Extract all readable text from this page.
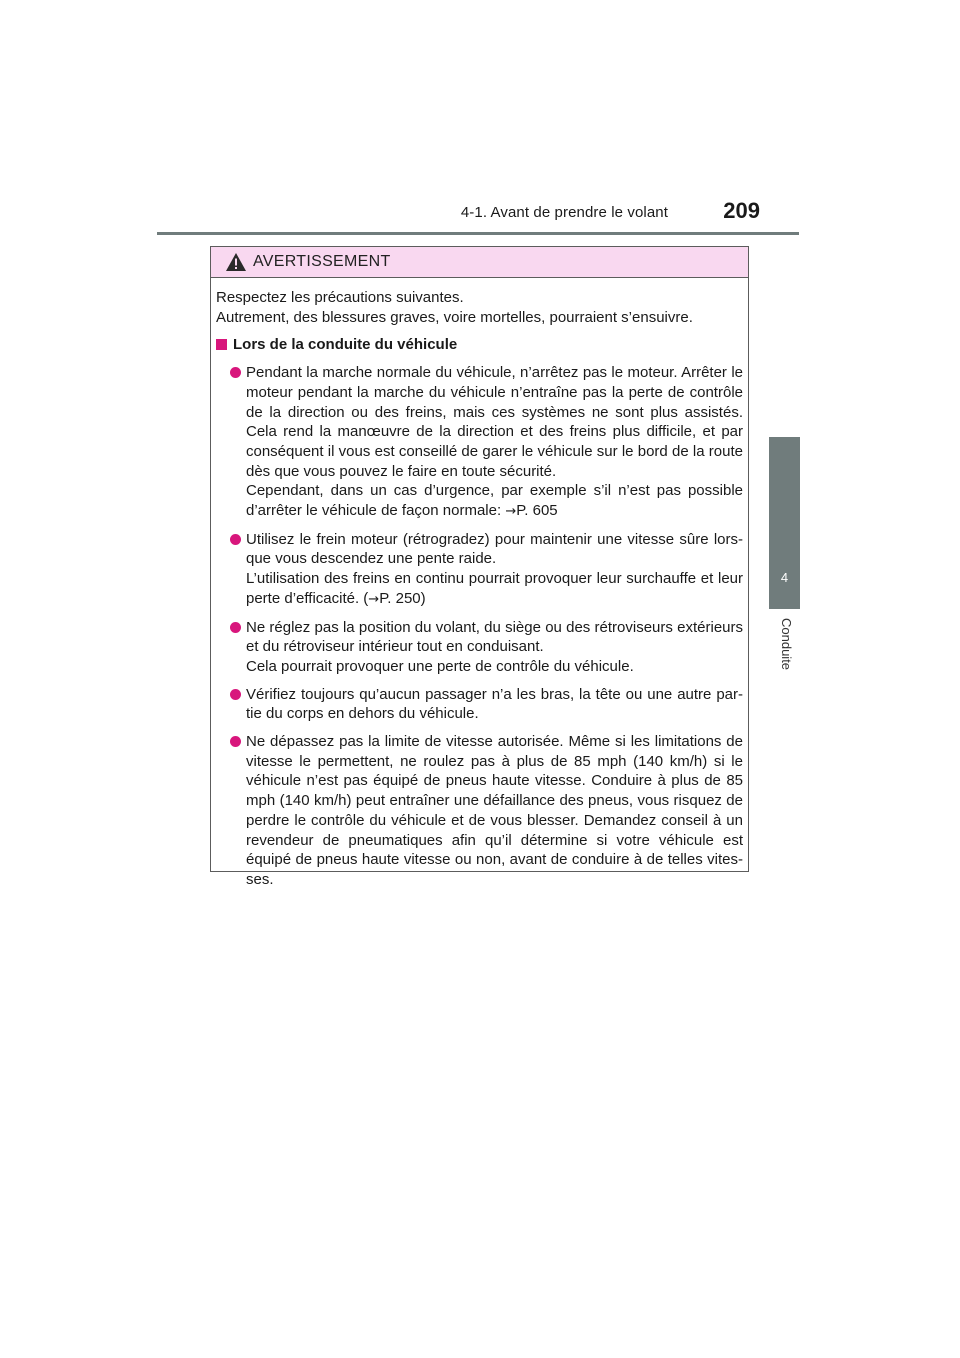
4-1. Avant de prendre le volant	209
4
Conduite
AVERTISSEMENT

Respectez les précautions suivantes.

Autrement, des blessures graves, voire mortelles, pourraient s’ensuivre.

Lors de la conduite du véhicule

Pendant la marche normale du véhicule, n’arrêtez pas le moteur. Arrêter le moteur pendant la marche du véhicule n’entraîne pas la perte de contrôle de la direction ou des freins, mais ces systèmes ne sont plus assistés. Cela rend la manœuvre de la direction et des freins plus difficile, et par conséquent il vous est conseillé de garer le véhicule sur le bord de la route dès que vous pouvez le faire en toute sécurité.

Cependant, dans un cas d’urgence, par exemple s’il n’est pas possible d’arrêter le véhicule de façon normale: →P. 605

Utilisez le frein moteur (rétrogradez) pour maintenir une vitesse sûre lors-que vous descendez une pente raide.

L’utilisation des freins en continu pourrait provoquer leur surchauffe et leur perte d’efficacité. (→P. 250)

Ne réglez pas la position du volant, du siège ou des rétroviseurs extérieurs et du rétroviseur intérieur tout en conduisant.

Cela pourrait provoquer une perte de contrôle du véhicule.

Vérifiez toujours qu’aucun passager n’a les bras, la tête ou une autre par-tie du corps en dehors du véhicule.

Ne dépassez pas la limite de vitesse autorisée. Même si les limitations de vitesse le permettent, ne roulez pas à plus de 85 mph (140 km/h) si le véhicule n’est pas équipé de pneus haute vitesse. Conduire à plus de 85 mph (140 km/h) peut entraîner une défaillance des pneus, vous risquez de perdre le contrôle du véhicule et de vous blesser. Demandez conseil à un revendeur de pneumatiques afin qu’il détermine si votre véhicule est équipé de pneus haute vitesse ou non, avant de conduire à de telles vites-ses.
